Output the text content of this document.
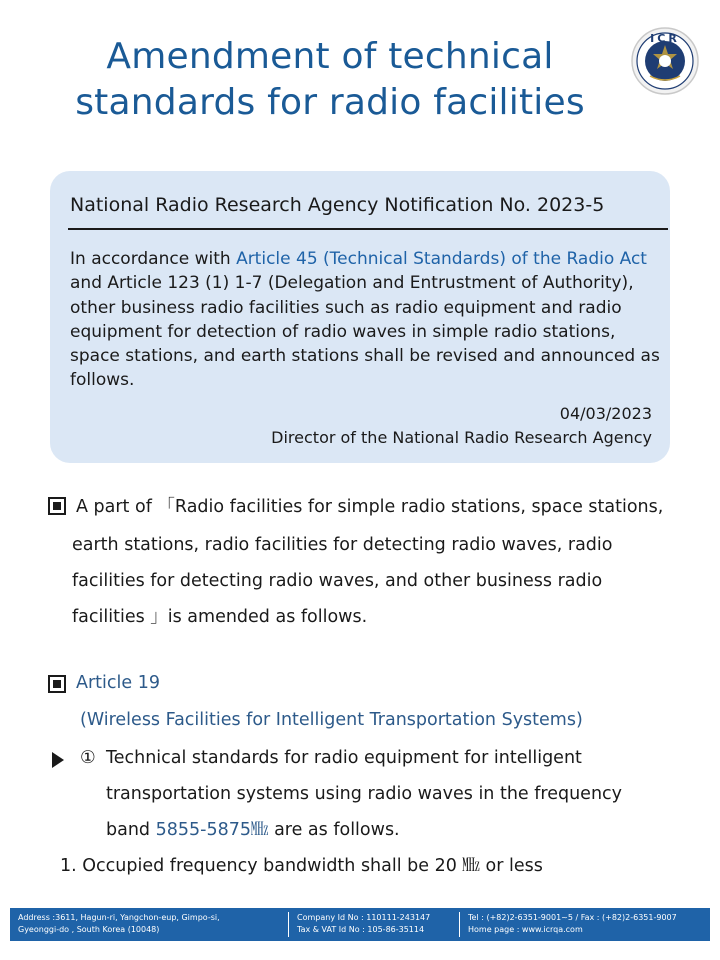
Amendment of technical
standards for radio facilities
ICR
National Radio Research Agency Notification No. 2023-5
In accordance with Article 45 (Technical Standards) of the Radio Act and Article 123 (1) 1-7 (Delegation and Entrustment of Authority), other business radio facilities such as radio equipment and radio equipment for detection of radio waves in simple radio stations, space stations, and earth stations shall be revised and announced as follows.
04/03/2023
Director of the National Radio Research Agency
A part of 「Radio facilities for simple radio stations, space stations,
earth stations, radio facilities for detecting radio waves, radio
facilities for detecting radio waves, and other business radio
facilities 」is amended as follows.
Article 19
(Wireless Facilities for Intelligent Transportation Systems)
① Technical standards for radio equipment for intelligent
transportation systems using radio waves in the frequency
band 5855-5875㎒ are as follows.
1. Occupied frequency bandwidth shall be 20 ㎒ or less
Address :3611, Hagun-ri, Yangchon-eup, Gimpo-si,
Gyeonggi-do , South Korea (10048)
Company Id No : 110111-243147
Tax & VAT Id No : 105-86-35114
Tel : (+82)2-6351-9001~5 / Fax : (+82)2-6351-9007
Home page : www.icrqa.com
